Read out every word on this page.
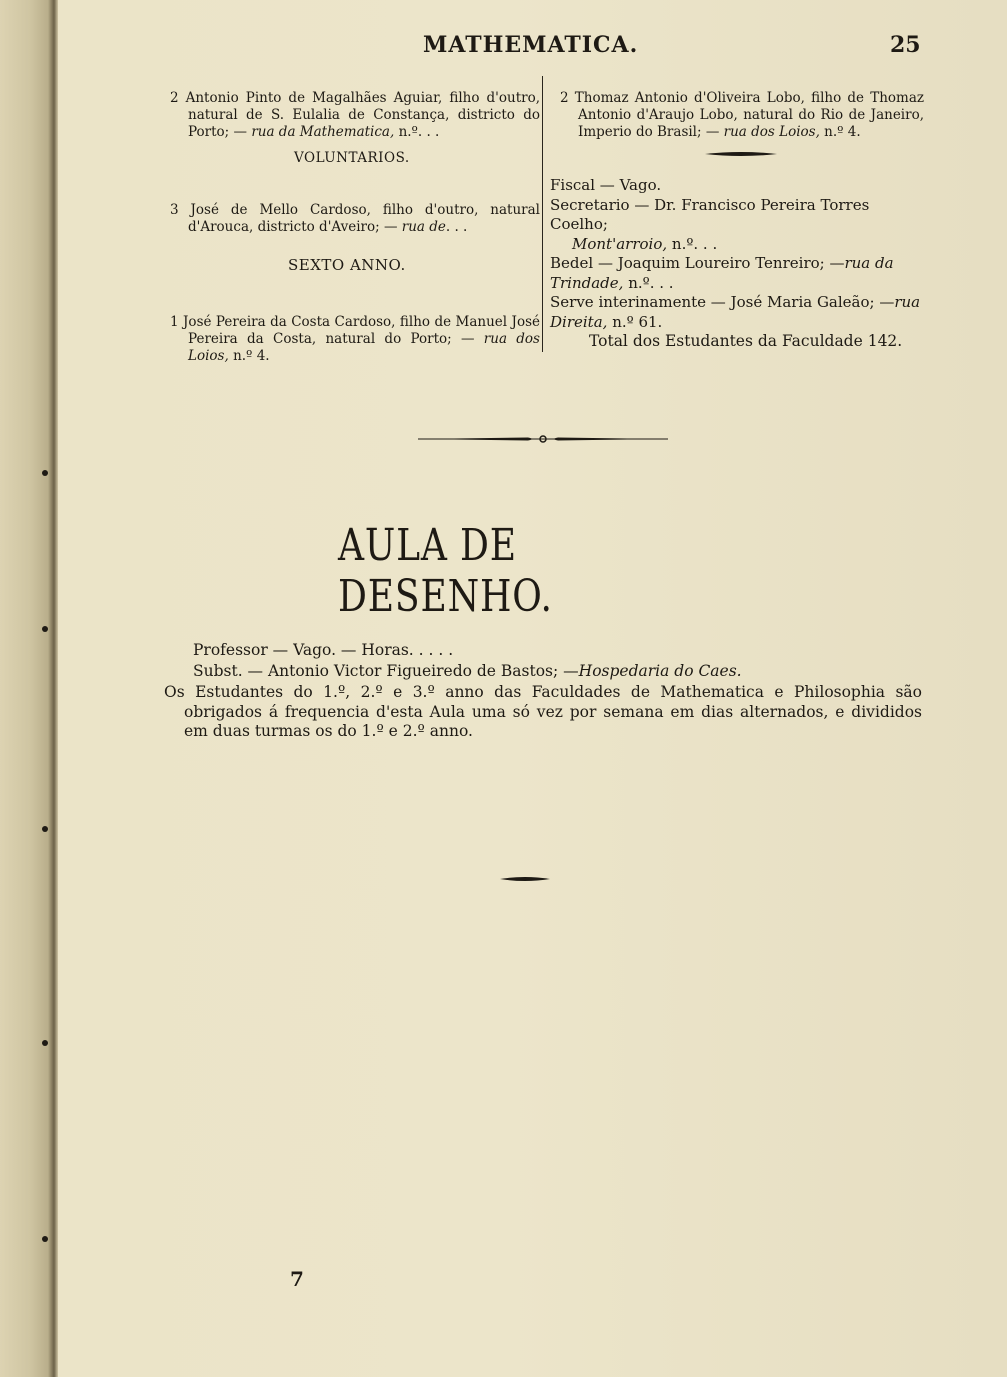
MATHEMATICA.	25

2 Antonio Pinto de Magalhães Aguiar, filho d'outro, natural de S. Eulalia de Constança, districto do Porto; — rua da Mathematica, n.º. . .

VOLUNTARIOS.

3 José de Mello Cardoso, filho d'outro, natural d'Arouca, districto d'Aveiro; — rua de. . .

SEXTO ANNO.

1 José Pereira da Costa Cardoso, filho de Manuel José Pereira da Costa, natural do Porto; — rua dos Loios, n.º 4.

2 Thomaz Antonio d'Oliveira Lobo, filho de Thomaz Antonio d'Araujo Lobo, natural do Rio de Janeiro, Imperio do Brasil; — rua dos Loios, n.º 4.

Fiscal — Vago.
Secretario — Dr. Francisco Pereira Torres Coelho;
Mont'arroio, n.º. . .
Bedel — Joaquim Loureiro Tenreiro; —rua da Trindade, n.º. . .
Serve interinamente — José Maria Galeão; —rua Direita, n.º 61.
Total dos Estudantes da Faculdade 142.
AULA DE DESENHO.
Professor — Vago. — Horas. . . . .
Subst. — Antonio Victor Figueiredo de Bastos; —Hospedaria do Caes.
Os Estudantes do 1.º, 2.º e 3.º anno das Faculdades de Mathematica e Philosophia são obrigados á frequencia d'esta Aula uma só vez por semana em dias alternados, e divididos em duas turmas os do 1.º e 2.º anno.
7
